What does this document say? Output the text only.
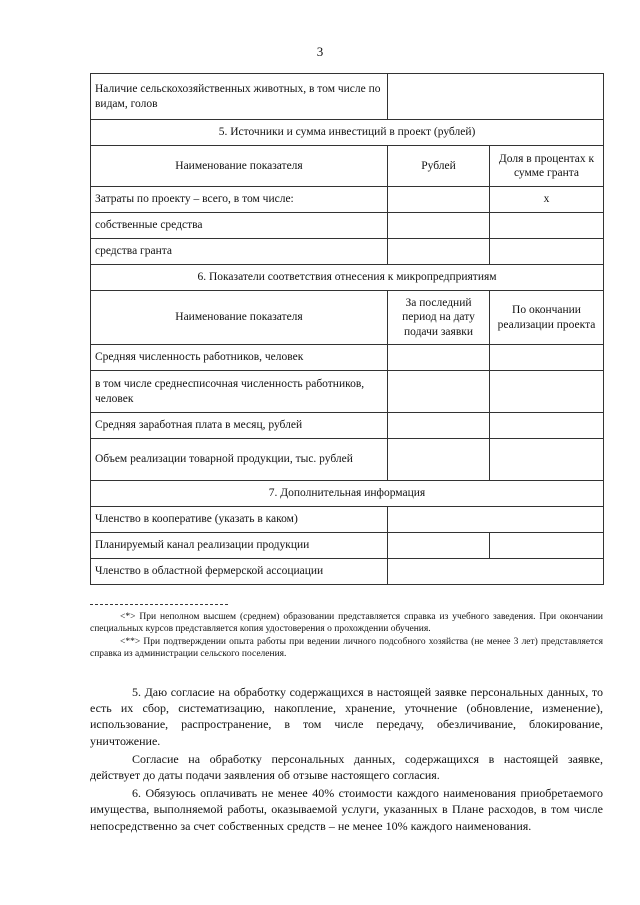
3
Наличие сельскохозяйственных животных, в том числе по видам, голов		
5. Источники и сумма инвестиций в проект (рублей)		
Наименование показателя	Рублей	Доля в процентах к сумме гранта
Затраты по проекту – всего, в том числе:		х
собственные средства		
средства гранта		
6. Показатели соответствия отнесения к микропредприятиям		
Наименование показателя	За последний период на дату подачи заявки	По окончании реализации проекта
Средняя численность работников, человек		
в том числе среднесписочная численность работников, человек		
Средняя заработная плата в месяц, рублей		
Объем реализации товарной продукции, тыс. рублей		
7. Дополнительная информация		
Членство в кооперативе (указать в каком)		
Планируемый канал реализации продукции		
Членство в областной фермерской ассоциации		

<*> При неполном высшем (среднем) образовании представляется справка из учебного заведения. При окончании специальных курсов представляется копия удостоверения о прохождении обучения.

<**> При подтверждении опыта работы при ведении личного подсобного хозяйства (не менее 3 лет) представляется справка из администрации сельского поселения.

5. Даю согласие на обработку содержащихся в настоящей заявке персональных данных, то есть их сбор, систематизацию, накопление, хранение, уточнение (обновление, изменение), использование, распространение, в том числе передачу, обезличивание, блокирование, уничтожение.

Согласие на обработку персональных данных, содержащихся в настоящей заявке, действует до даты подачи заявления об отзыве настоящего согласия.

6. Обязуюсь оплачивать не менее 40% стоимости каждого наименования приобретаемого имущества, выполняемой работы, оказываемой услуги, указанных в Плане расходов, в том числе непосредственно за счет собственных средств – не менее 10% каждого наименования.
